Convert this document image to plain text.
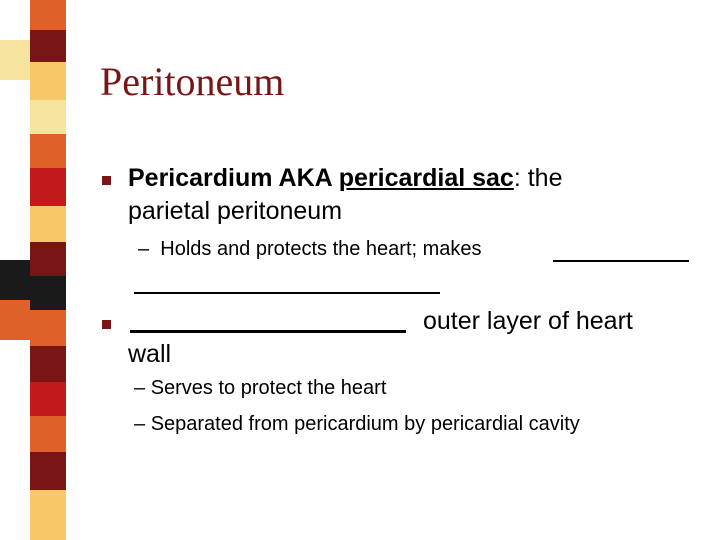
Peritoneum
Pericardium AKA pericardial sac: the
parietal peritoneum
– Holds and protects the heart; makes
outer layer of heart
wall
– Serves to protect the heart
– Separated from pericardium by pericardial cavity
